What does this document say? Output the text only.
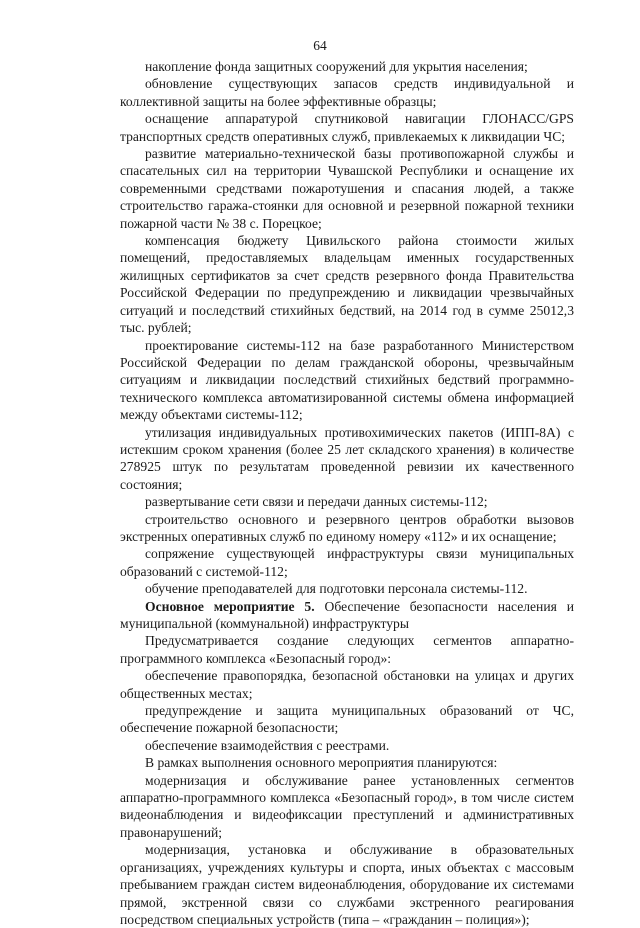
64

накопление фонда защитных сооружений для укрытия населения;

обновление существующих запасов средств индивидуальной и коллективной защиты на более эффективные образцы;

оснащение аппаратурой спутниковой навигации ГЛОНАСС/GPS транспортных средств оперативных служб, привлекаемых к ликвидации ЧС;

развитие материально-технической базы противопожарной службы и спасательных сил на территории Чувашской Республики и оснащение их современными средствами пожаротушения и спасания людей, а также строительство гаража-стоянки для основной и резервной пожарной техники пожарной части № 38 с. Порецкое;

компенсация бюджету Цивильского района стоимости жилых помещений, предоставляемых владельцам именных государственных жилищных сертификатов за счет средств резервного фонда Правительства Российской Федерации по предупреждению и ликвидации чрезвычайных ситуаций и последствий стихийных бедствий, на 2014 год в сумме 25012,3 тыс. рублей;

проектирование системы-112 на базе разработанного Министерством Российской Федерации по делам гражданской обороны, чрезвычайным ситуациям и ликвидации последствий стихийных бедствий программно-технического комплекса автоматизированной системы обмена информацией между объектами системы-112;

утилизация индивидуальных противохимических пакетов (ИПП-8А) с истекшим сроком хранения (более 25 лет складского хранения) в количестве 278925 штук по результатам проведенной ревизии их качественного состояния;

развертывание сети связи и передачи данных системы-112;

строительство основного и резервного центров обработки вызовов экстренных оперативных служб по единому номеру «112» и их оснащение;

сопряжение существующей инфраструктуры связи муниципальных образований с системой-112;

обучение преподавателей для подготовки персонала системы-112.

Основное мероприятие 5. Обеспечение безопасности населения и муниципальной (коммунальной) инфраструктуры

Предусматривается создание следующих сегментов аппаратно-программного комплекса «Безопасный город»:

обеспечение правопорядка, безопасной обстановки на улицах и других общественных местах;

предупреждение и защита муниципальных образований от ЧС, обеспечение пожарной безопасности;

обеспечение взаимодействия с реестрами.

В рамках выполнения основного мероприятия планируются:

модернизация и обслуживание ранее установленных сегментов аппаратно-программного комплекса «Безопасный город», в том числе систем видеонаблюдения и видеофиксации преступлений и административных правонарушений;

модернизация, установка и обслуживание в образовательных организациях, учреждениях культуры и спорта, иных объектах с массовым пребыванием граждан систем видеонаблюдения, оборудование их системами прямой, экстренной связи со службами экстренного реагирования посредством специальных устройств (типа – «гражданин – полиция»);
